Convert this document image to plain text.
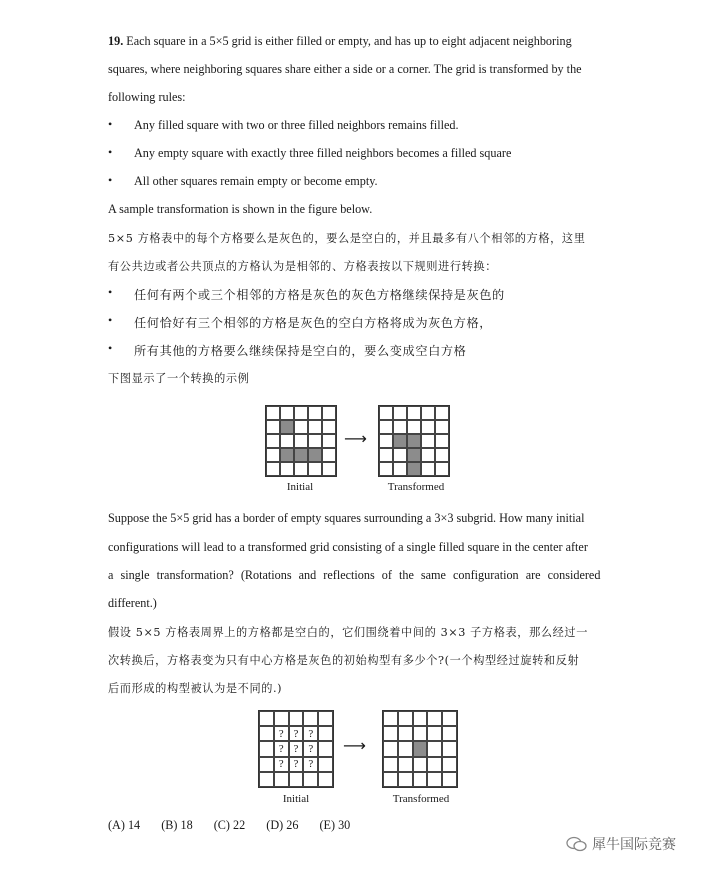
19. Each square in a 5×5 grid is either filled or empty, and has up to eight adjacent neighboring
squares, where neighboring squares share either a side or a corner. The grid is transformed by the
following rules:
• Any filled square with two or three filled neighbors remains filled.
• Any empty square with exactly three filled neighbors becomes a filled square
• All other squares remain empty or become empty.
A sample transformation is shown in the figure below.
5×5 方格表中的每个方格要么是灰色的，要么是空白的，并且最多有八个相邻的方格，这里
有公共边或者公共顶点的方格认为是相邻的、方格表按以下规则进行转换：
• 任何有两个或三个相邻的方格是灰色的灰色方格继续保持是灰色的
• 任何恰好有三个相邻的方格是灰色的空白方格将成为灰色方格，
• 所有其他的方格要么继续保持是空白的，要么变成空白方格
下图显示了一个转换的示例
⟶
Initial	Transformed
Suppose the 5×5 grid has a border of empty squares surrounding a 3×3 subgrid. How many initial
configurations will lead to a transformed grid consisting of a single filled square in the center after
a single transformation? (Rotations and reflections of the same configuration are considered
different.)
假设 5×5 方格表周界上的方格都是空白的，它们围绕着中间的 3×3 子方格表，那么经过一
次转换后，方格表变为只有中心方格是灰色的初始构型有多少个?(一个构型经过旋转和反射
后而形成的构型被认为是不同的.)
? ? ?
? ? ?
? ? ?
⟶
Initial	Transformed
(A) 14 (B) 18 (C) 22 (D) 26 (E) 30
犀牛国际竞赛
